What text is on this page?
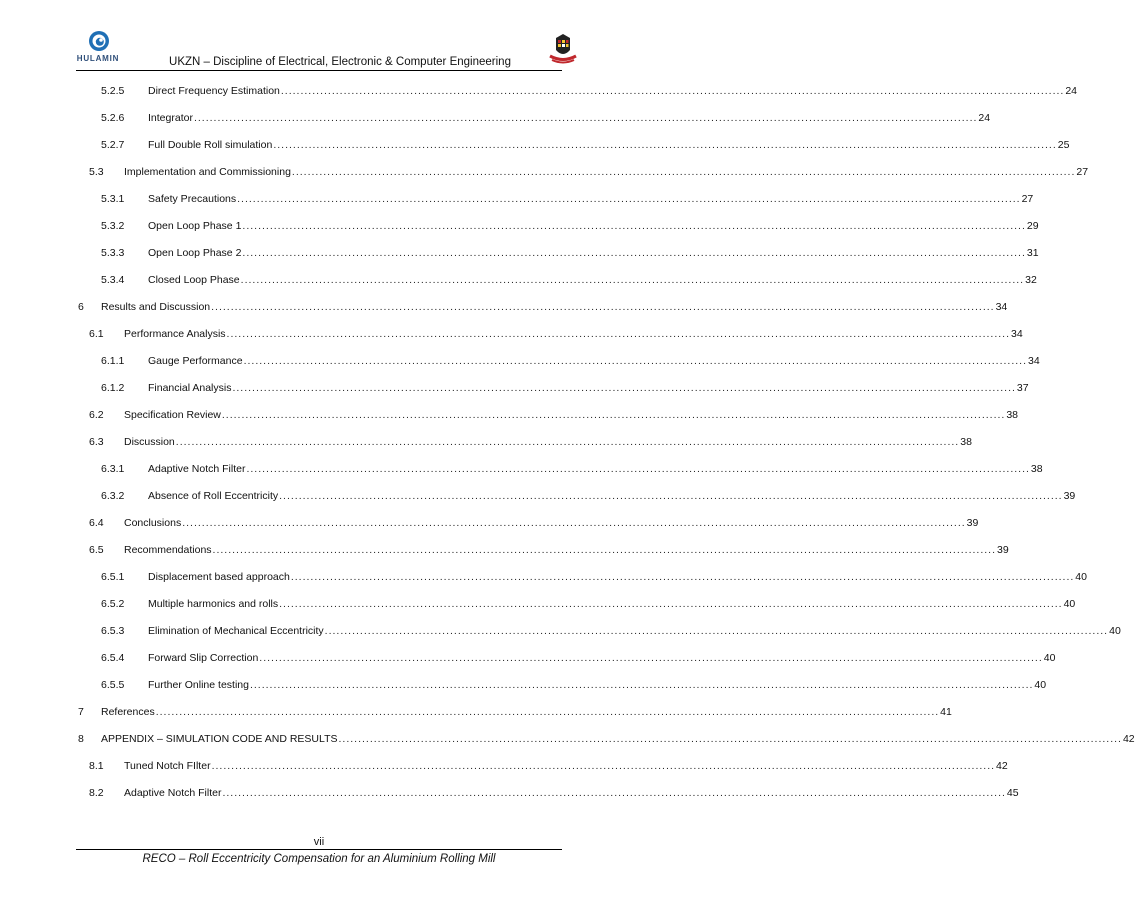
HULAMIN	UKZN – Discipline of Electrical, Electronic & Computer Engineering
5.2.5 Direct Frequency Estimation ........................................................................................................................................................................................................ 24
5.2.6 Integrator ........................................................................................................................................................................................................ 24
5.2.7 Full Double Roll simulation ........................................................................................................................................................................................................ 25
5.3 Implementation and Commissioning ........................................................................................................................................................................................................ 27
5.3.1 Safety Precautions ........................................................................................................................................................................................................ 27
5.3.2 Open Loop Phase 1 ........................................................................................................................................................................................................ 29
5.3.3 Open Loop Phase 2 ........................................................................................................................................................................................................ 31
5.3.4 Closed Loop Phase ........................................................................................................................................................................................................ 32
6 Results and Discussion ........................................................................................................................................................................................................ 34
6.1 Performance Analysis ........................................................................................................................................................................................................ 34
6.1.1 Gauge Performance ........................................................................................................................................................................................................ 34
6.1.2 Financial Analysis ........................................................................................................................................................................................................ 37
6.2 Specification Review ........................................................................................................................................................................................................ 38
6.3 Discussion ........................................................................................................................................................................................................ 38
6.3.1 Adaptive Notch Filter ........................................................................................................................................................................................................ 38
6.3.2 Absence of Roll Eccentricity ........................................................................................................................................................................................................ 39
6.4 Conclusions ........................................................................................................................................................................................................ 39
6.5 Recommendations ........................................................................................................................................................................................................ 39
6.5.1 Displacement based approach ........................................................................................................................................................................................................ 40
6.5.2 Multiple harmonics and rolls ........................................................................................................................................................................................................ 40
6.5.3 Elimination of Mechanical Eccentricity ........................................................................................................................................................................................................ 40
6.5.4 Forward Slip Correction ........................................................................................................................................................................................................ 40
6.5.5 Further Online testing ........................................................................................................................................................................................................ 40
7 References ........................................................................................................................................................................................................ 41
8 APPENDIX – SIMULATION CODE AND RESULTS ........................................................................................................................................................................................................ 42
8.1 Tuned Notch FIlter ........................................................................................................................................................................................................ 42
8.2 Adaptive Notch Filter ........................................................................................................................................................................................................ 45
vii
RECO – Roll Eccentricity Compensation for an Aluminium Rolling Mill
